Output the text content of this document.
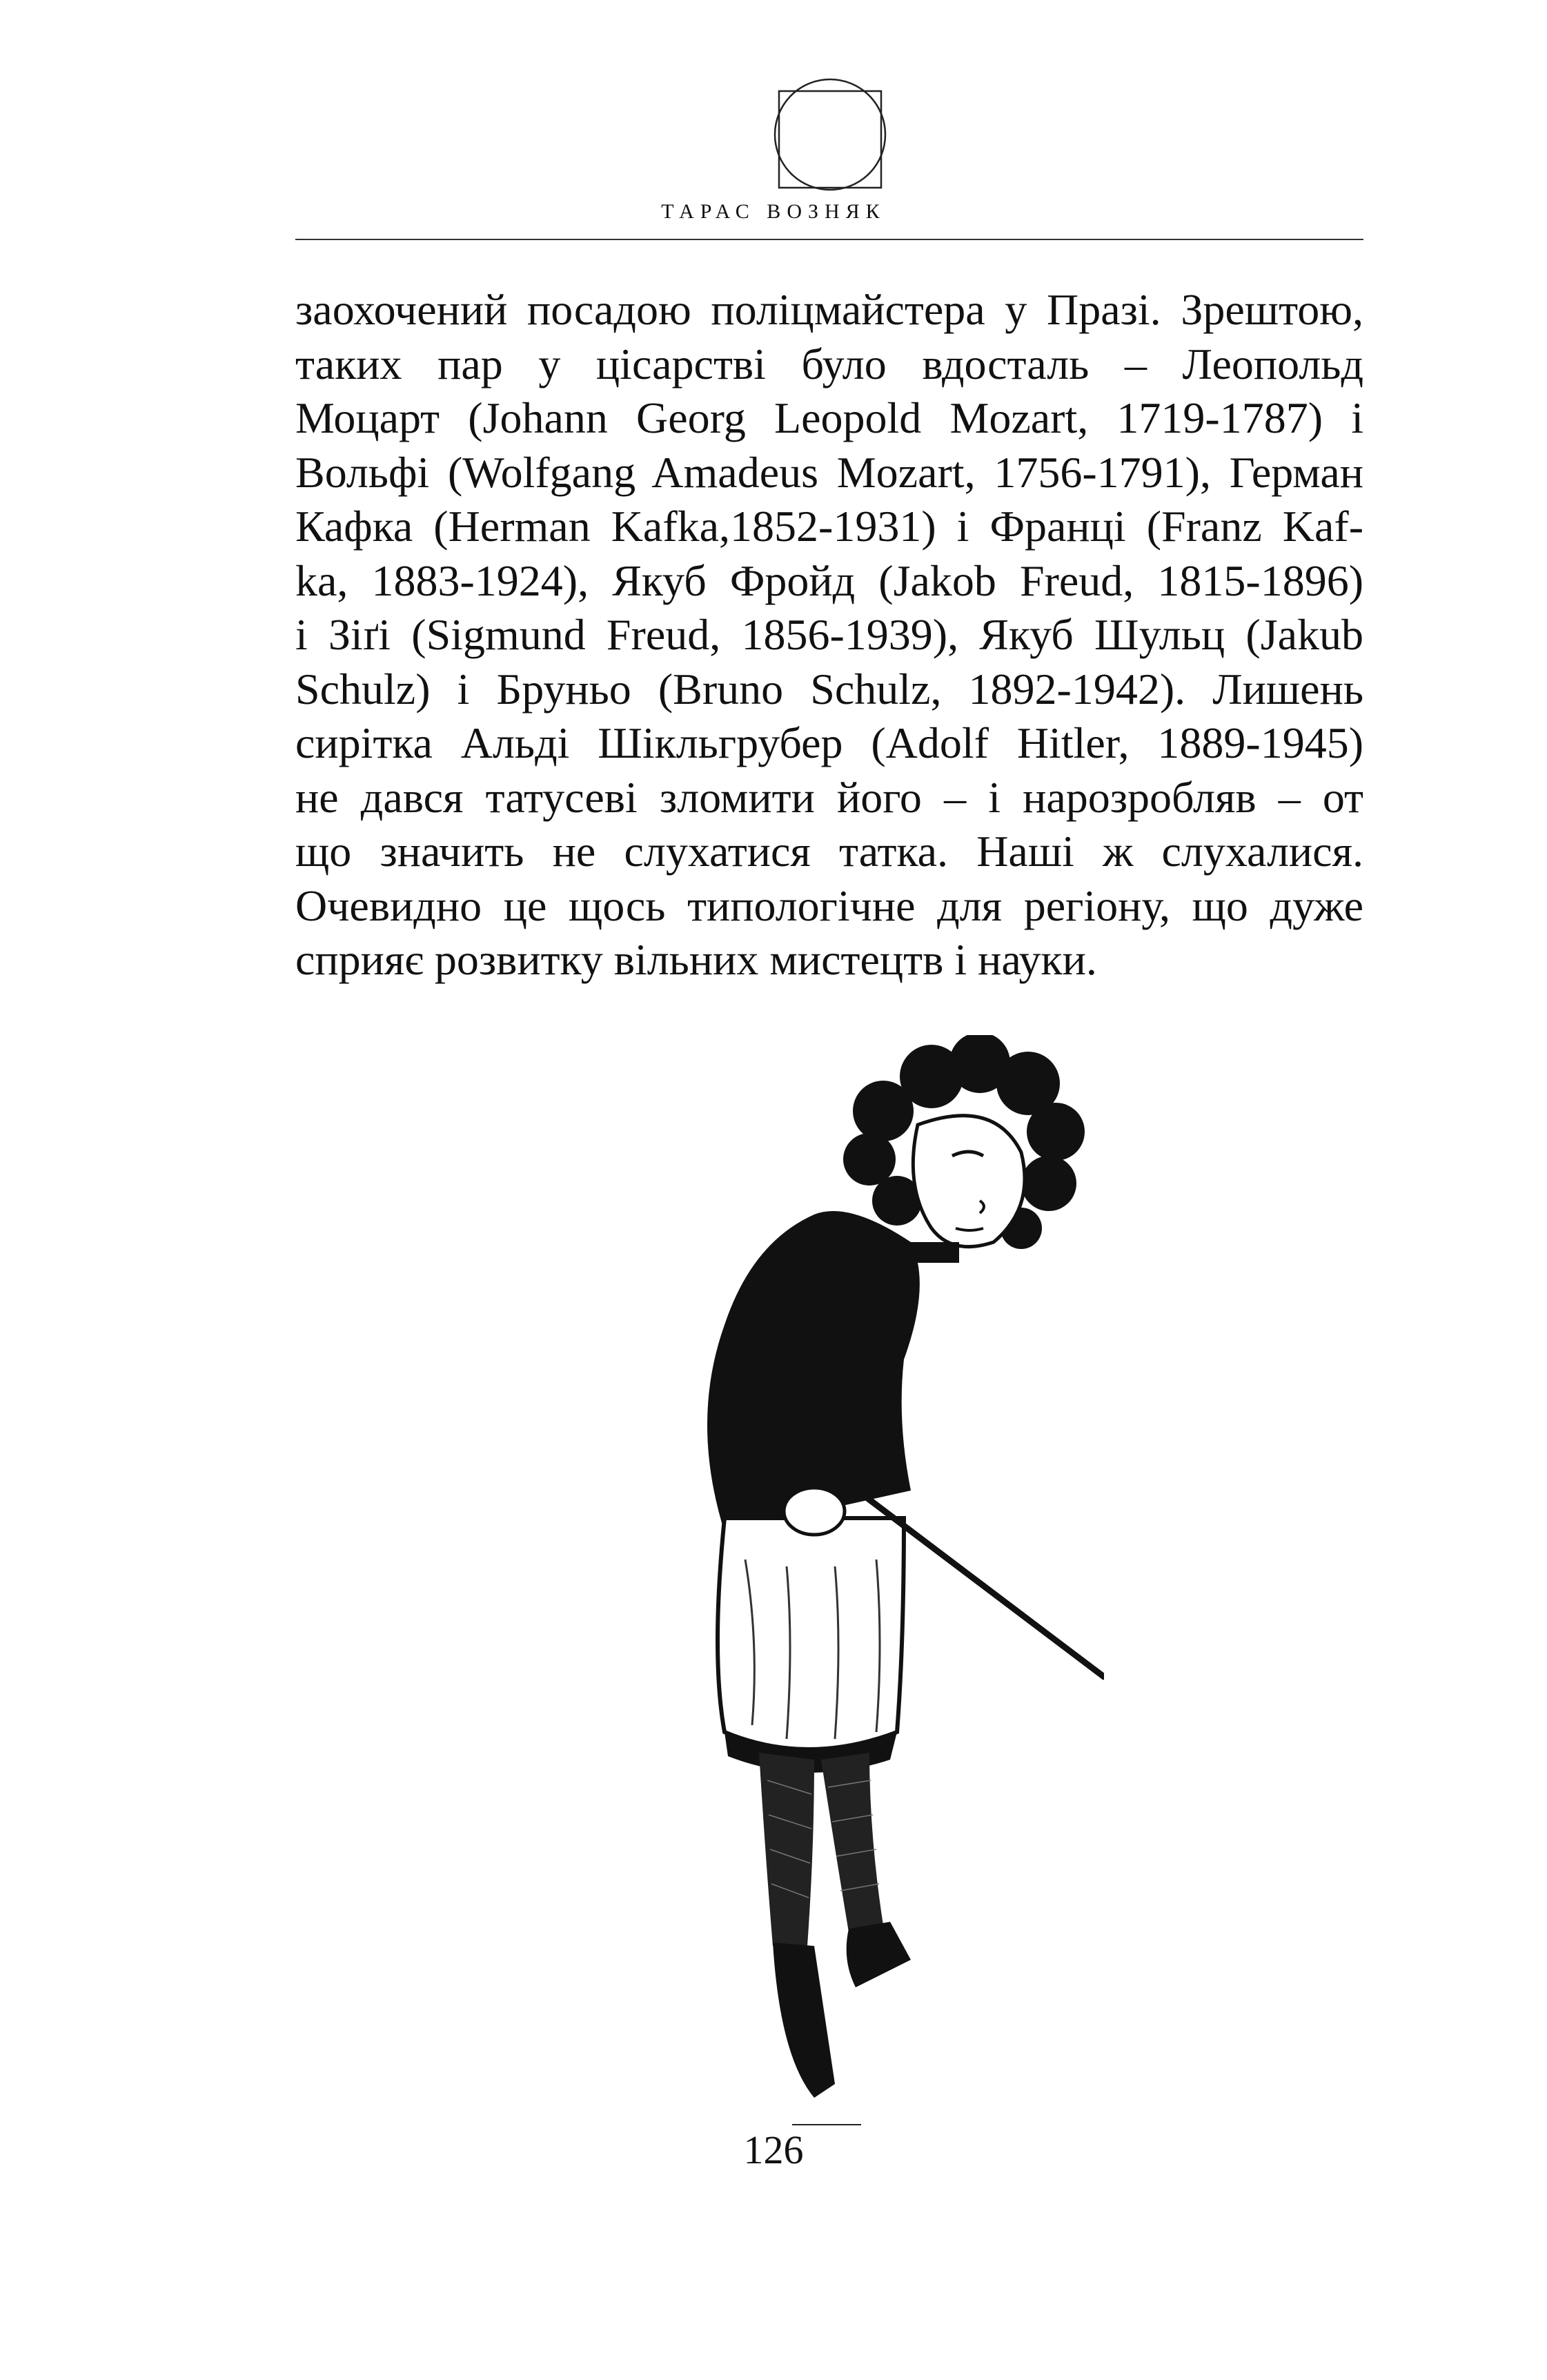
ТАРАС ВОЗНЯК
заохочений посадою поліцмайстера у Празі. Зрештою,
таких пар у цісарстві було вдосталь – Леопольд
Моцарт (Johann Georg Leopold Mozart, 1719-1787) і
Вольфі (Wolfgang Amadeus Mozart, 1756-1791), Герман
Кафка (Herman Kafka,1852-1931) і Франці (Franz Kaf-
ka, 1883-1924), Якуб Фройд (Jakob Freud, 1815-1896)
і Зіґі (Sigmund Freud, 1856-1939), Якуб Шульц (Jakub
Schulz) і Бруньо (Bruno Schulz, 1892-1942). Лишень
сирітка Альді Шікльгрубер (Adolf Hitler, 1889-1945)
не дався татусеві зломити його – і нарозробляв – от
що значить не слухатися татка. Наші ж слухалися.
Очевидно це щось типологічне для регіону, що дуже
сприяє розвитку вільних мистецтв і науки.
126
